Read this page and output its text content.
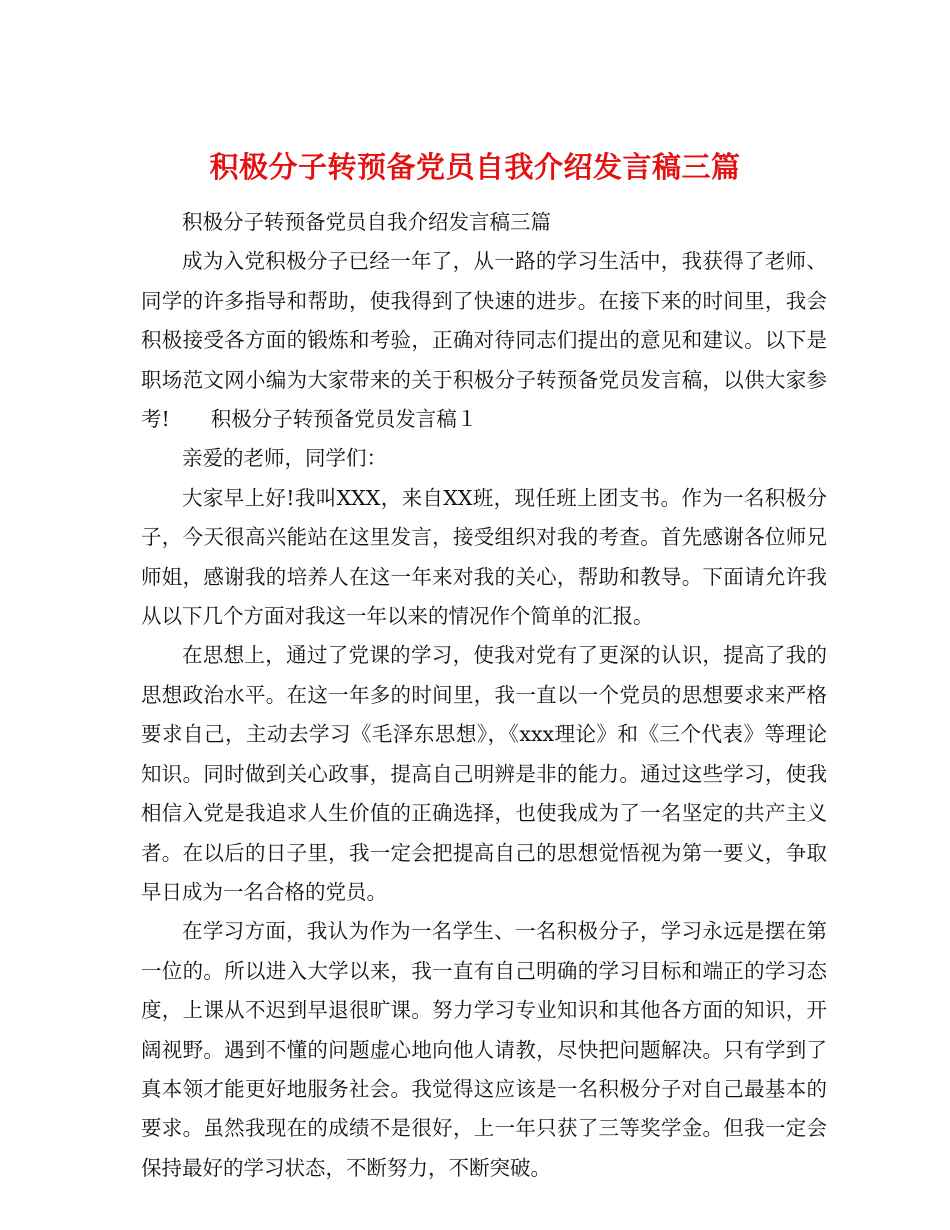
积极分子转预备党员自我介绍发言稿三篇

积极分子转预备党员自我介绍发言稿三篇

成为入党积极分子已经一年了，从一路的学习生活中，我获得了老师、同学的许多指导和帮助，使我得到了快速的进步。在接下来的时间里，我会积极接受各方面的锻炼和考验，正确对待同志们提出的意见和建议。以下是职场范文网小编为大家带来的关于积极分子转预备党员发言稿，以供大家参考!　　积极分子转预备党员发言稿１

亲爱的老师，同学们：

大家早上好!我叫XXX，来自XX班，现任班上团支书。作为一名积极分子，今天很高兴能站在这里发言，接受组织对我的考查。首先感谢各位师兄师姐，感谢我的培养人在这一年来对我的关心，帮助和教导。下面请允许我从以下几个方面对我这一年以来的情况作个简单的汇报。

在思想上，通过了党课的学习，使我对党有了更深的认识，提高了我的思想政治水平。在这一年多的时间里，我一直以一个党员的思想要求来严格要求自己，主动去学习《毛泽东思想》，《xxx理论》和《三个代表》等理论知识。同时做到关心政事，提高自己明辨是非的能力。通过这些学习，使我相信入党是我追求人生价值的正确选择，也使我成为了一名坚定的共产主义者。在以后的日子里，我一定会把提高自己的思想觉悟视为第一要义，争取早日成为一名合格的党员。

在学习方面，我认为作为一名学生、一名积极分子，学习永远是摆在第一位的。所以进入大学以来，我一直有自己明确的学习目标和端正的学习态度，上课从不迟到早退很旷课。努力学习专业知识和其他各方面的知识，开阔视野。遇到不懂的问题虚心地向他人请教，尽快把问题解决。只有学到了真本领才能更好地服务社会。我觉得这应该是一名积极分子对自己最基本的要求。虽然我现在的成绩不是很好，上一年只获了三等奖学金。但我一定会保持最好的学习状态，不断努力，不断突破。
